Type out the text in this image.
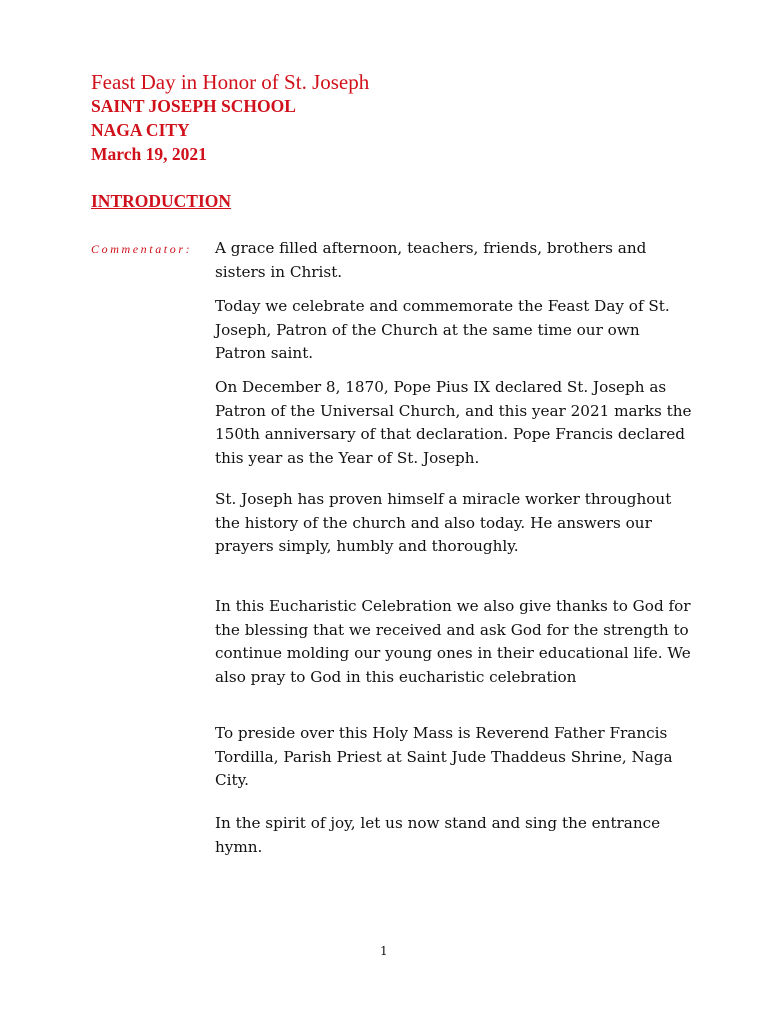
Feast Day in Honor of St. Joseph
SAINT JOSEPH SCHOOL
NAGA CITY
March 19, 2021
INTRODUCTION
Commentator: A grace filled afternoon, teachers, friends, brothers and sisters in Christ.
Today we celebrate and commemorate the Feast Day of St. Joseph, Patron of the Church at the same time our own Patron saint.
On December 8, 1870, Pope Pius IX declared St. Joseph as Patron of the Universal Church, and this year 2021 marks the 150th anniversary of that declaration. Pope Francis declared this year as the Year of St. Joseph.
St. Joseph has proven himself a miracle worker throughout the history of the church and also today. He answers our prayers simply, humbly and thoroughly.
In this Eucharistic Celebration we also give thanks to God for the blessing that we received and ask God for the strength to continue molding our young ones in their educational life. We also pray to God in this eucharistic celebration
To preside over this Holy Mass is Reverend Father Francis Tordilla, Parish Priest at Saint Jude Thaddeus Shrine, Naga City.
In the spirit of joy, let us now stand and sing the entrance hymn.
1
